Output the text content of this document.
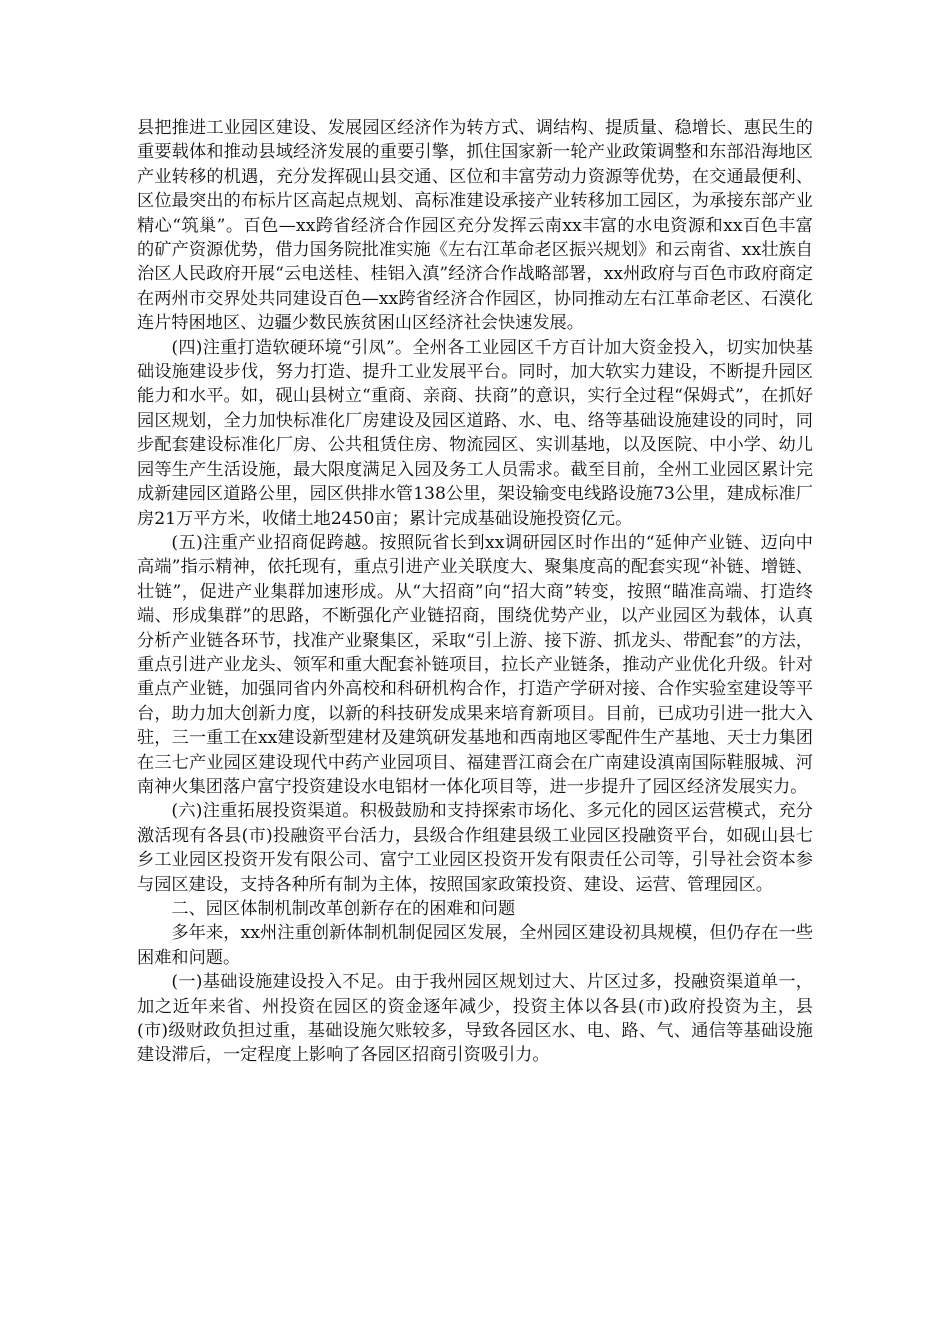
县把推进工业园区建设、发展园区经济作为转方式、调结构、提质量、稳增长、惠民生的重要载体和推动县域经济发展的重要引擎，抓住国家新一轮产业政策调整和东部沿海地区产业转移的机遇，充分发挥砚山县交通、区位和丰富劳动力资源等优势，在交通最便利、区位最突出的布标片区高起点规划、高标准建设承接产业转移加工园区，为承接东部产业精心“筑巢”。百色—xx跨省经济合作园区充分发挥云南xx丰富的水电资源和xx百色丰富的矿产资源优势，借力国务院批准实施《左右江革命老区振兴规划》和云南省、xx壮族自治区人民政府开展“云电送桂、桂铝入滇”经济合作战略部署，xx州政府与百色市政府商定在两州市交界处共同建设百色—xx跨省经济合作园区，协同推动左右江革命老区、石漠化连片特困地区、边疆少数民族贫困山区经济社会快速发展。

(四)注重打造软硬环境“引凤”。全州各工业园区千方百计加大资金投入，切实加快基础设施建设步伐，努力打造、提升工业发展平台。同时，加大软实力建设，不断提升园区能力和水平。如，砚山县树立“重商、亲商、扶商”的意识，实行全过程“保姆式”，在抓好园区规划，全力加快标准化厂房建设及园区道路、水、电、络等基础设施建设的同时，同步配套建设标准化厂房、公共租赁住房、物流园区、实训基地，以及医院、中小学、幼儿园等生产生活设施，最大限度满足入园及务工人员需求。截至目前，全州工业园区累计完成新建园区道路公里，园区供排水管138公里，架设输变电线路设施73公里，建成标准厂房21万平方米，收储土地2450亩；累计完成基础设施投资亿元。

(五)注重产业招商促跨越。按照阮省长到xx调研园区时作出的“延伸产业链、迈向中高端”指示精神，依托现有，重点引进产业关联度大、聚集度高的配套实现“补链、增链、壮链”，促进产业集群加速形成。从“大招商”向“招大商”转变，按照“瞄准高端、打造终端、形成集群”的思路，不断强化产业链招商，围绕优势产业，以产业园区为载体，认真分析产业链各环节，找准产业聚集区，采取“引上游、接下游、抓龙头、带配套”的方法，重点引进产业龙头、领军和重大配套补链项目，拉长产业链条，推动产业优化升级。针对重点产业链，加强同省内外高校和科研机构合作，打造产学研对接、合作实验室建设等平台，助力加大创新力度，以新的科技研发成果来培育新项目。目前，已成功引进一批大入驻，三一重工在xx建设新型建材及建筑研发基地和西南地区零配件生产基地、天士力集团在三七产业园区建设现代中药产业园项目、福建晋江商会在广南建设滇南国际鞋服城、河南神火集团落户富宁投资建设水电铝材一体化项目等，进一步提升了园区经济发展实力。

(六)注重拓展投资渠道。积极鼓励和支持探索市场化、多元化的园区运营模式，充分激活现有各县(市)投融资平台活力，县级合作组建县级工业园区投融资平台，如砚山县七乡工业园区投资开发有限公司、富宁工业园区投资开发有限责任公司等，引导社会资本参与园区建设，支持各种所有制为主体，按照国家政策投资、建设、运营、管理园区。

二、园区体制机制改革创新存在的困难和问题

多年来，xx州注重创新体制机制促园区发展，全州园区建设初具规模，但仍存在一些困难和问题。

(一)基础设施建设投入不足。由于我州园区规划过大、片区过多，投融资渠道单一，加之近年来省、州投资在园区的资金逐年减少，投资主体以各县(市)政府投资为主，县(市)级财政负担过重，基础设施欠账较多，导致各园区水、电、路、气、通信等基础设施建设滞后，一定程度上影响了各园区招商引资吸引力。
